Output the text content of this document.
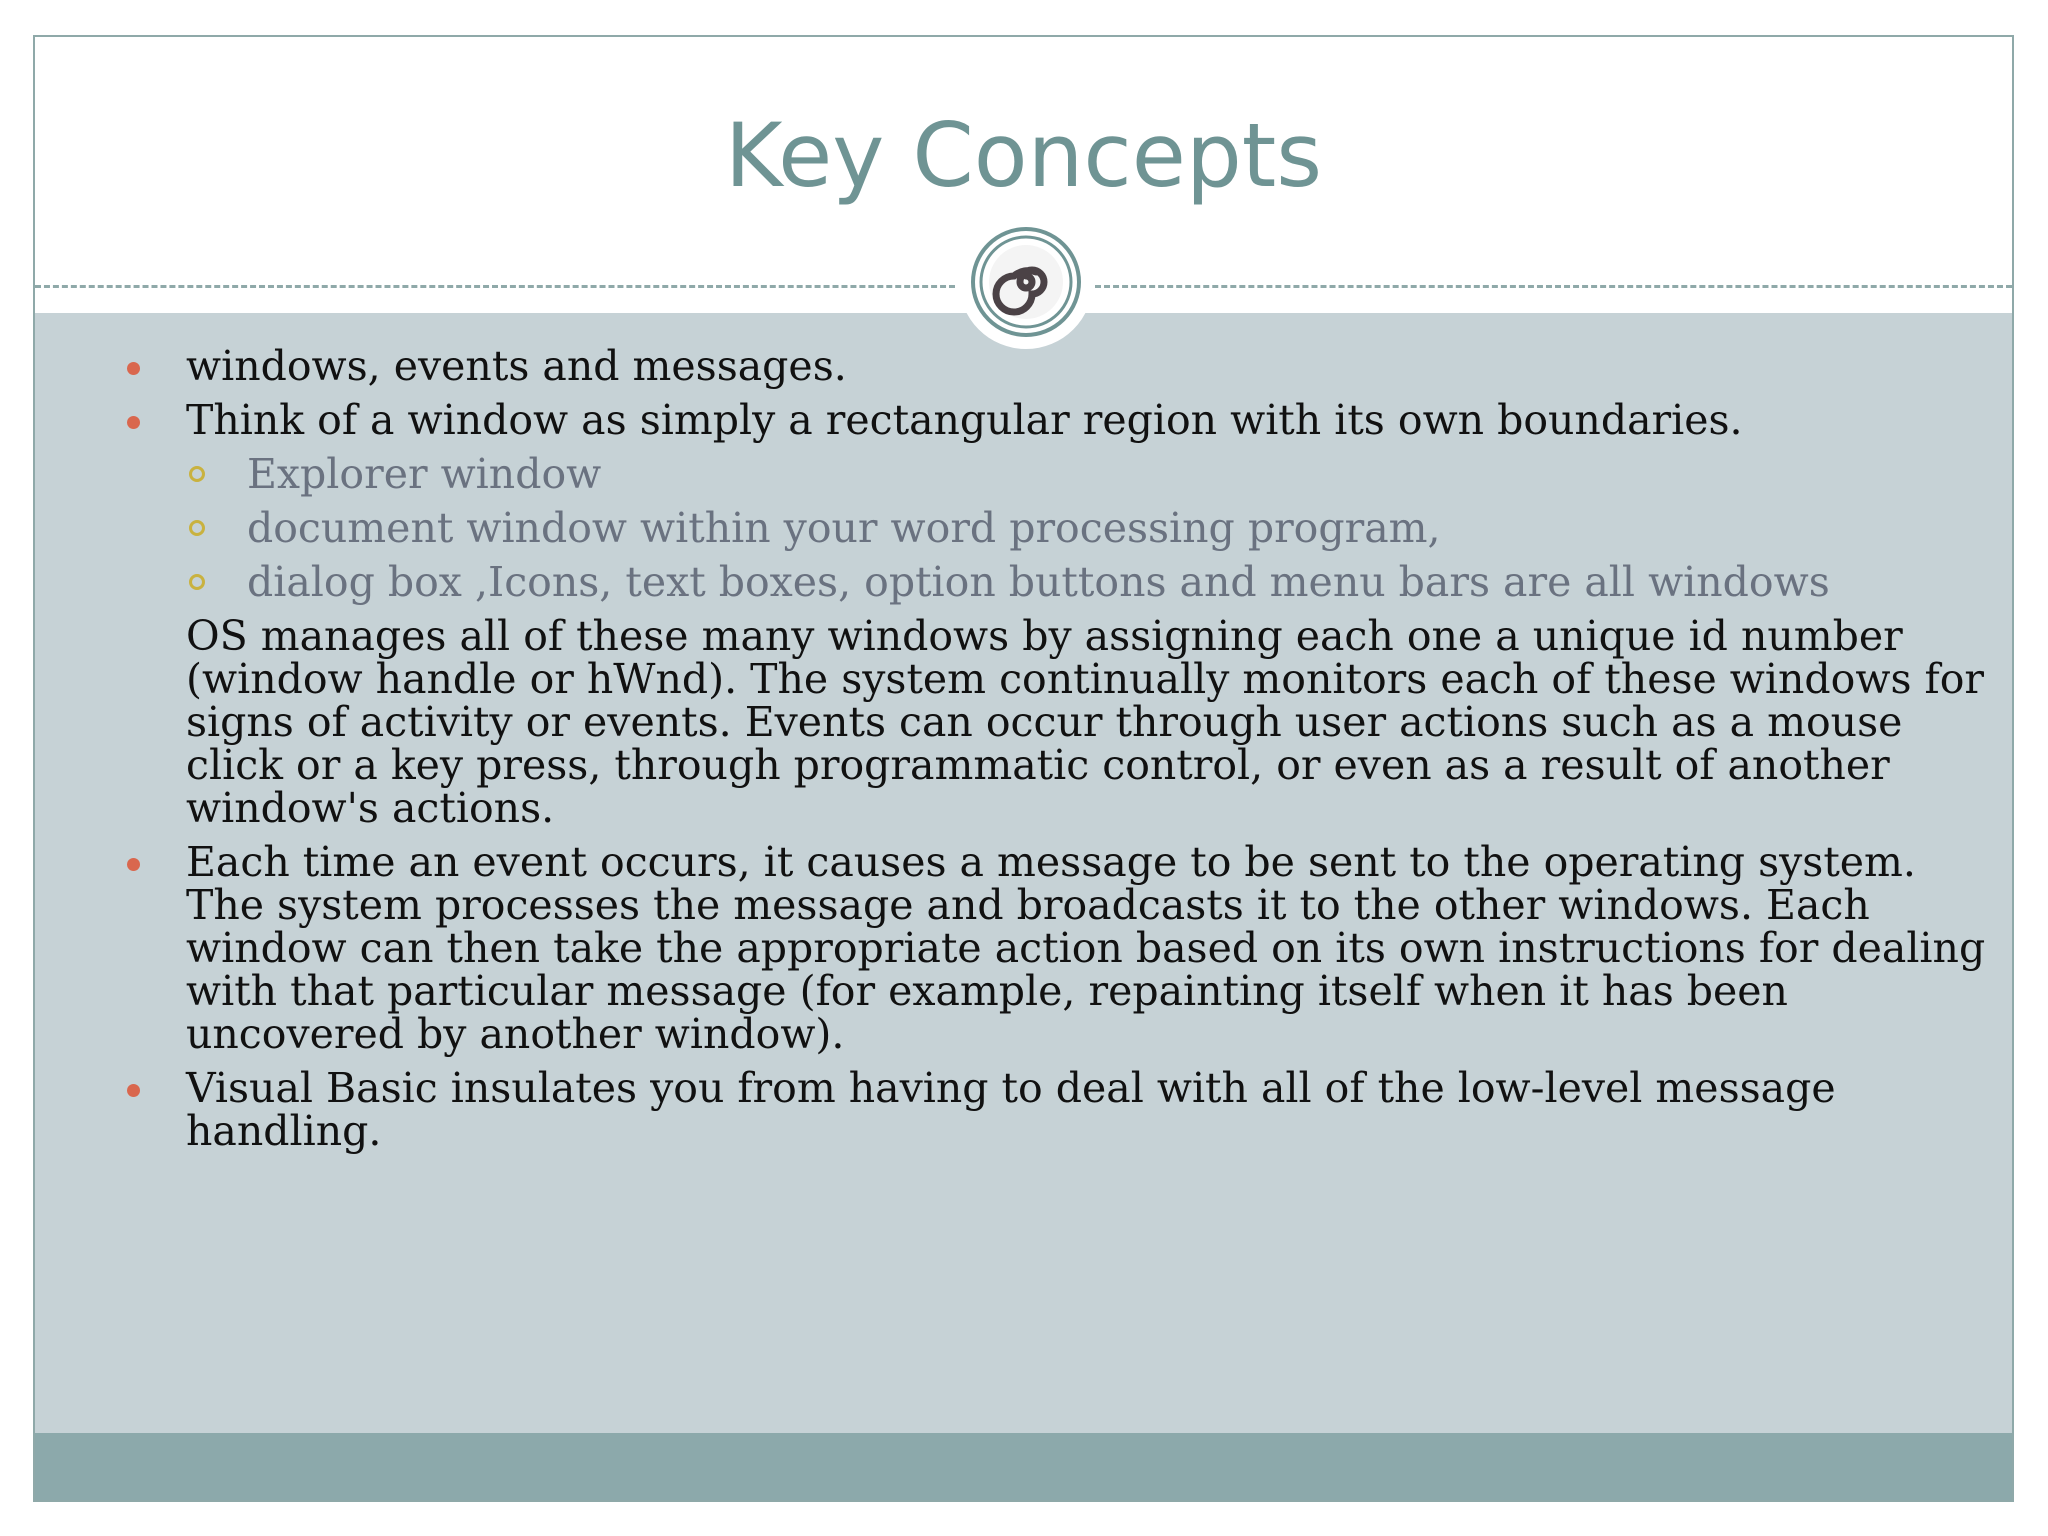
Key Concepts
windows, events and messages.
Think of a window as simply a rectangular region with its own boundaries.
Explorer window
document window within your word processing program,
dialog box ,Icons, text boxes, option buttons and menu bars are all windows
OS manages all of these many windows by assigning each one a unique id number (window handle or hWnd). The system continually monitors each of these windows for signs of activity or events. Events can occur through user actions such as a mouse click or a key press, through programmatic control, or even as a result of another window's actions.
Each time an event occurs, it causes a message to be sent to the operating system. The system processes the message and broadcasts it to the other windows. Each window can then take the appropriate action based on its own instructions for dealing with that particular message (for example, repainting itself when it has been uncovered by another window).
Visual Basic insulates you from having to deal with all of the low-level message handling.
